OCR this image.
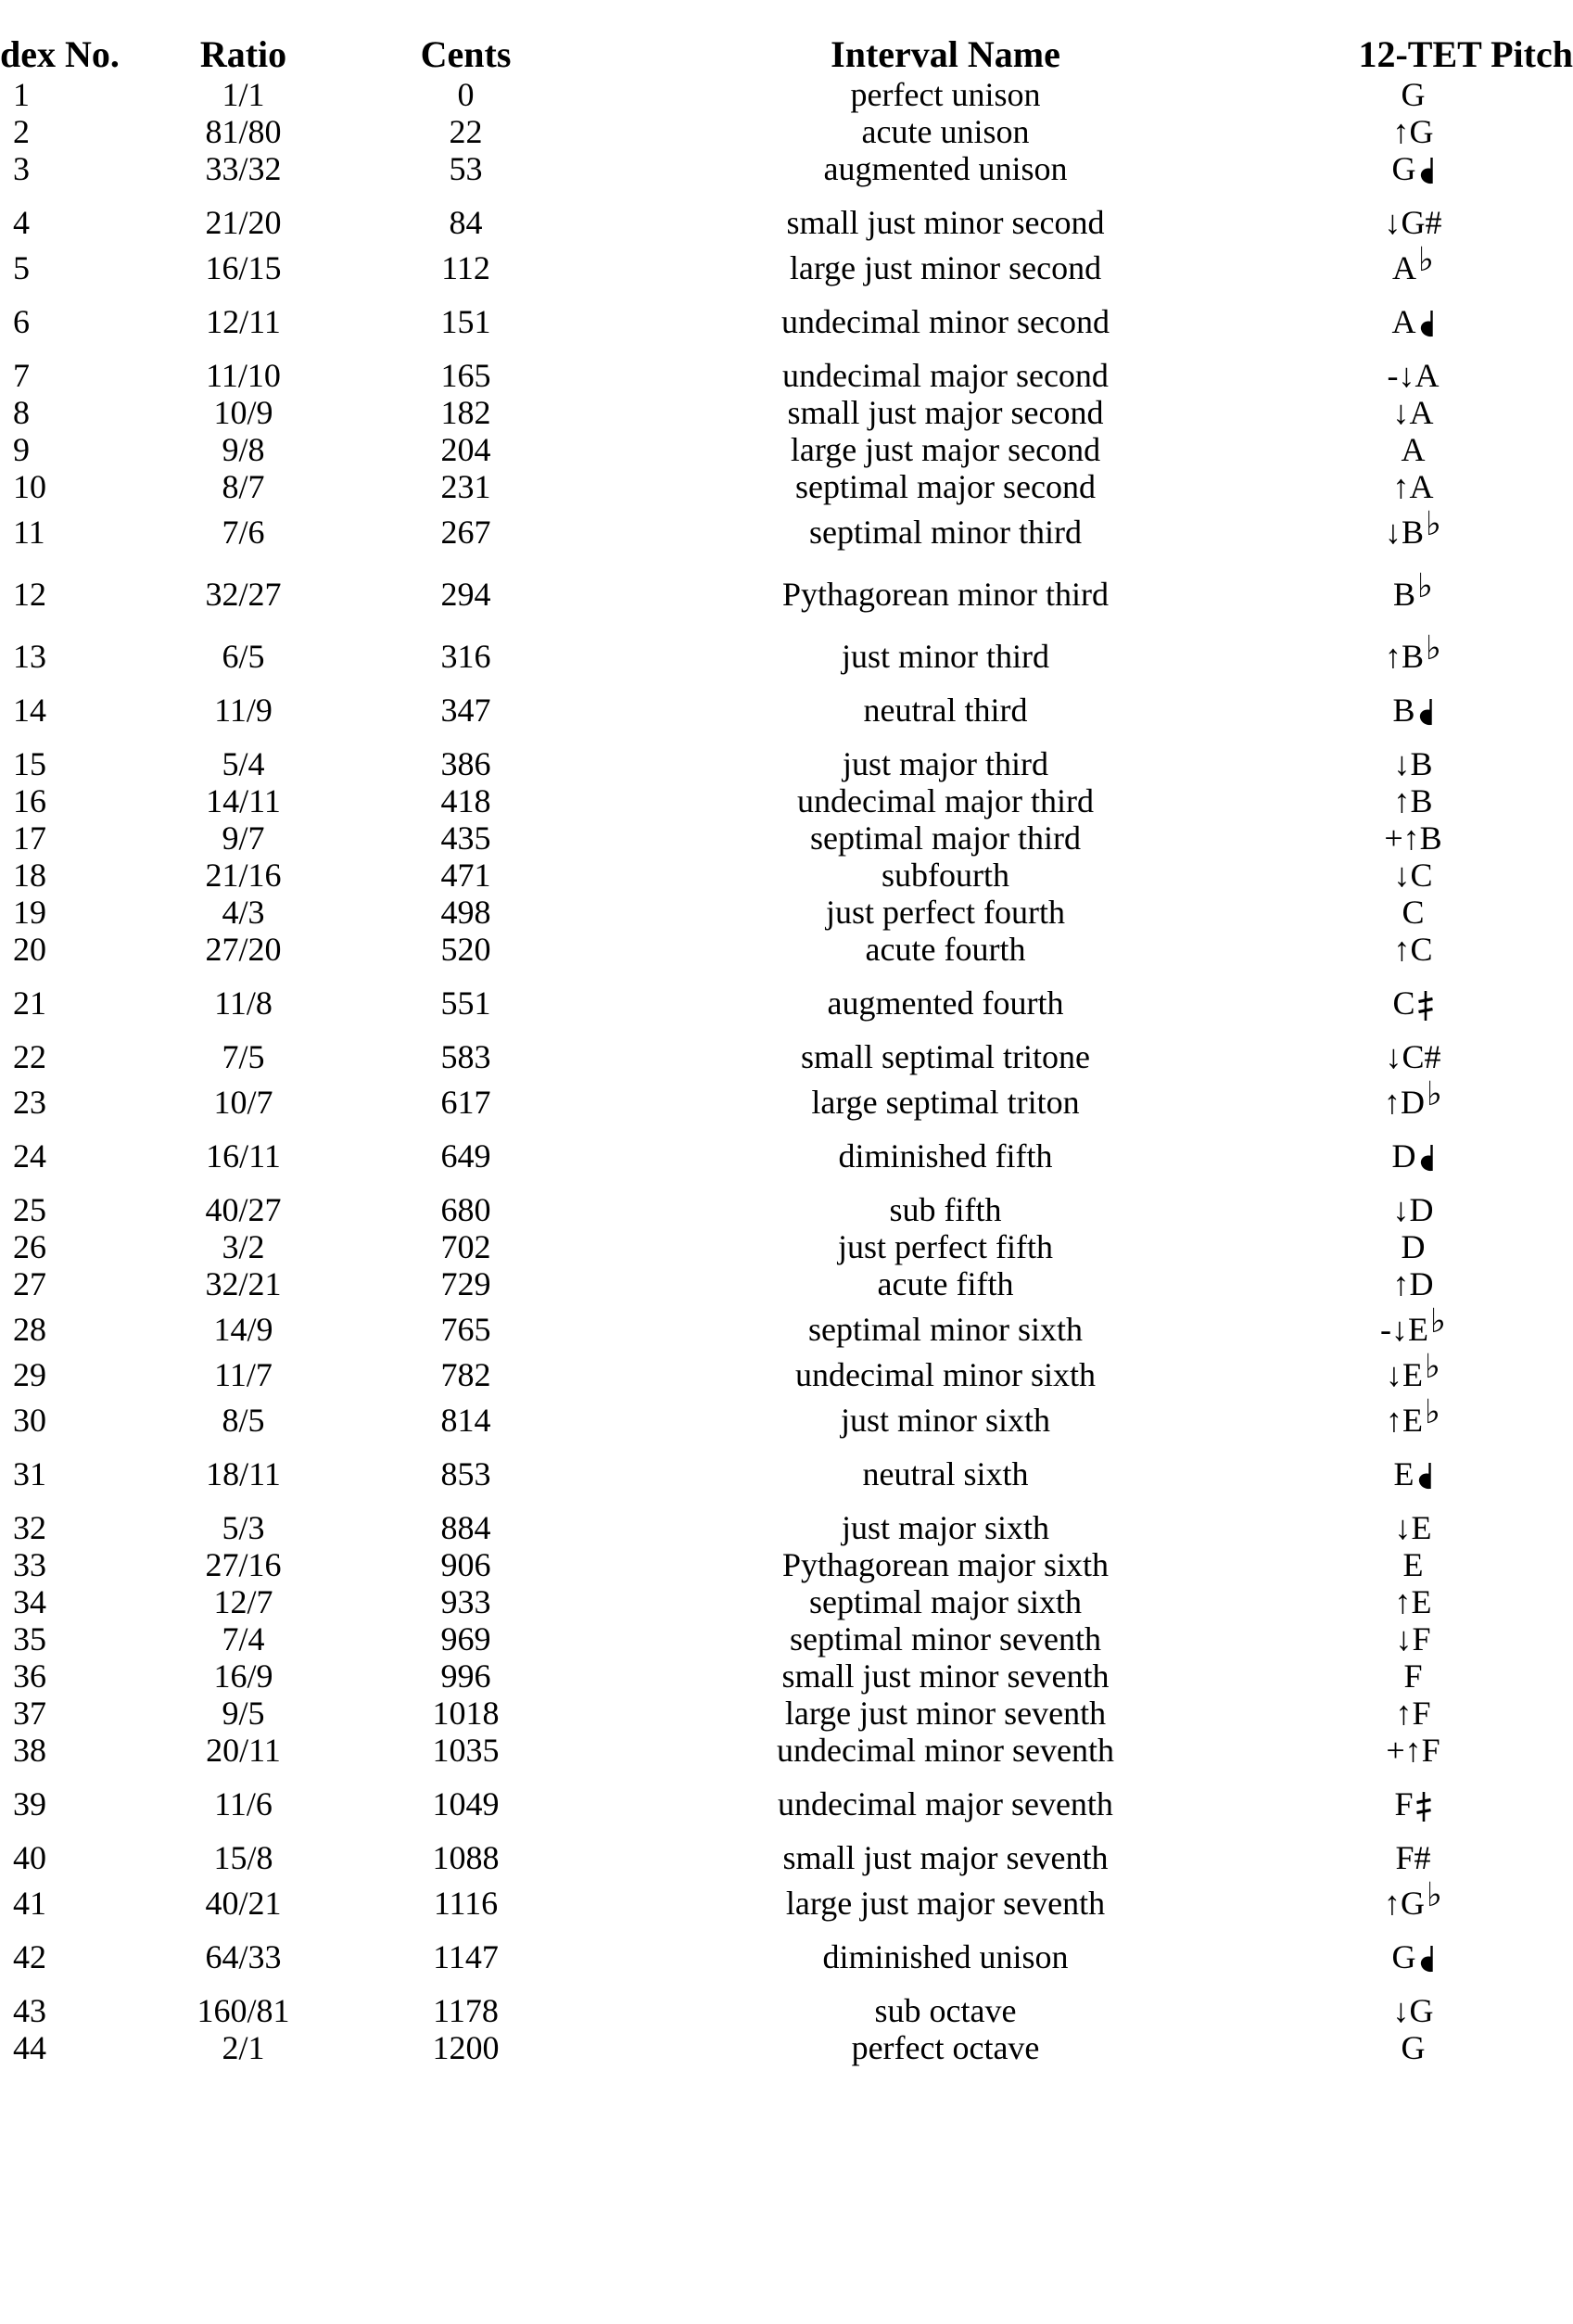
dex No.	Ratio	Cents	Interval Name	12-TET Pitch
1	1/1	0	perfect unison	G
2	81/80	22	acute unison	↑G
3	33/32	53	augmented unison	G

4	21/20	84	small just minor second	↓G#
5	16/15	112	large just minor second	A♭
6	12/11	151	undecimal minor second	A

7	11/10	165	undecimal major second	-↓A
8	10/9	182	small just major second	↓A
9	9/8	204	large just major second	A
10	8/7	231	septimal major second	↑A
11	7/6	267	septimal minor third	↓B♭
12	32/27	294	Pythagorean minor third	B♭
13	6/5	316	just minor third	↑B♭
14	11/9	347	neutral third	B

15	5/4	386	just major third	↓B
16	14/11	418	undecimal major third	↑B
17	9/7	435	septimal major third	+↑B
18	21/16	471	subfourth	↓C
19	4/3	498	just perfect fourth	C
20	27/20	520	acute fourth	↑C
21	11/8	551	augmented fourth	C

22	7/5	583	small septimal tritone	↓C#
23	10/7	617	large septimal triton	↑D♭
24	16/11	649	diminished fifth	D

25	40/27	680	sub fifth	↓D
26	3/2	702	just perfect fifth	D
27	32/21	729	acute fifth	↑D
28	14/9	765	septimal minor sixth	-↓E♭
29	11/7	782	undecimal minor sixth	↓E♭
30	8/5	814	just minor sixth	↑E♭
31	18/11	853	neutral sixth	E

32	5/3	884	just major sixth	↓E
33	27/16	906	Pythagorean major sixth	E
34	12/7	933	septimal major sixth	↑E
35	7/4	969	septimal minor seventh	↓F
36	16/9	996	small just minor seventh	F
37	9/5	1018	large just minor seventh	↑F
38	20/11	1035	undecimal minor seventh	+↑F
39	11/6	1049	undecimal major seventh	F

40	15/8	1088	small just major seventh	F#
41	40/21	1116	large just major seventh	↑G♭
42	64/33	1147	diminished unison	G

43	160/81	1178	sub octave	↓G
44	2/1	1200	perfect octave	G
